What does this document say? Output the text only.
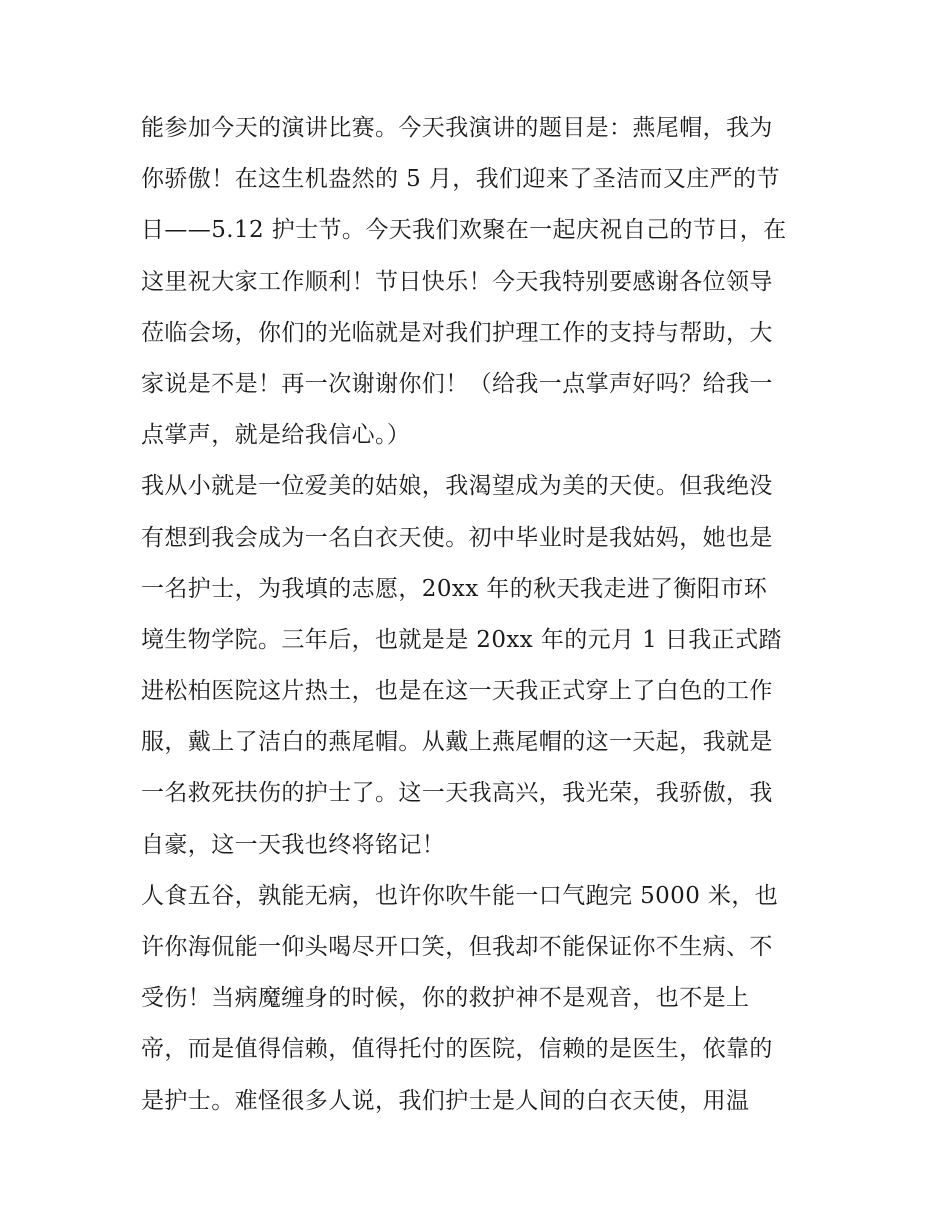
能参加今天的演讲比赛。今天我演讲的题目是：燕尾帽，我为
你骄傲！在这生机盎然的 5 月，我们迎来了圣洁而又庄严的节
日——5.12 护士节。今天我们欢聚在一起庆祝自己的节日，在
这里祝大家工作顺利！节日快乐！今天我特别要感谢各位领导
莅临会场，你们的光临就是对我们护理工作的支持与帮助，大
家说是不是！再一次谢谢你们！（给我一点掌声好吗？给我一
点掌声，就是给我信心。）
我从小就是一位爱美的姑娘，我渴望成为美的天使。但我绝没
有想到我会成为一名白衣天使。初中毕业时是我姑妈，她也是
一名护士，为我填的志愿，20xx 年的秋天我走进了衡阳市环
境生物学院。三年后，也就是是 20xx 年的元月 1 日我正式踏
进松柏医院这片热土，也是在这一天我正式穿上了白色的工作
服，戴上了洁白的燕尾帽。从戴上燕尾帽的这一天起，我就是
一名救死扶伤的护士了。这一天我高兴，我光荣，我骄傲，我
自豪，这一天我也终将铭记！
人食五谷，孰能无病，也许你吹牛能一口气跑完 5000 米，也
许你海侃能一仰头喝尽开口笑，但我却不能保证你不生病、不
受伤！当病魔缠身的时候，你的救护神不是观音，也不是上
帝，而是值得信赖，值得托付的医院，信赖的是医生，依靠的
是护士。难怪很多人说，我们护士是人间的白衣天使，用温
